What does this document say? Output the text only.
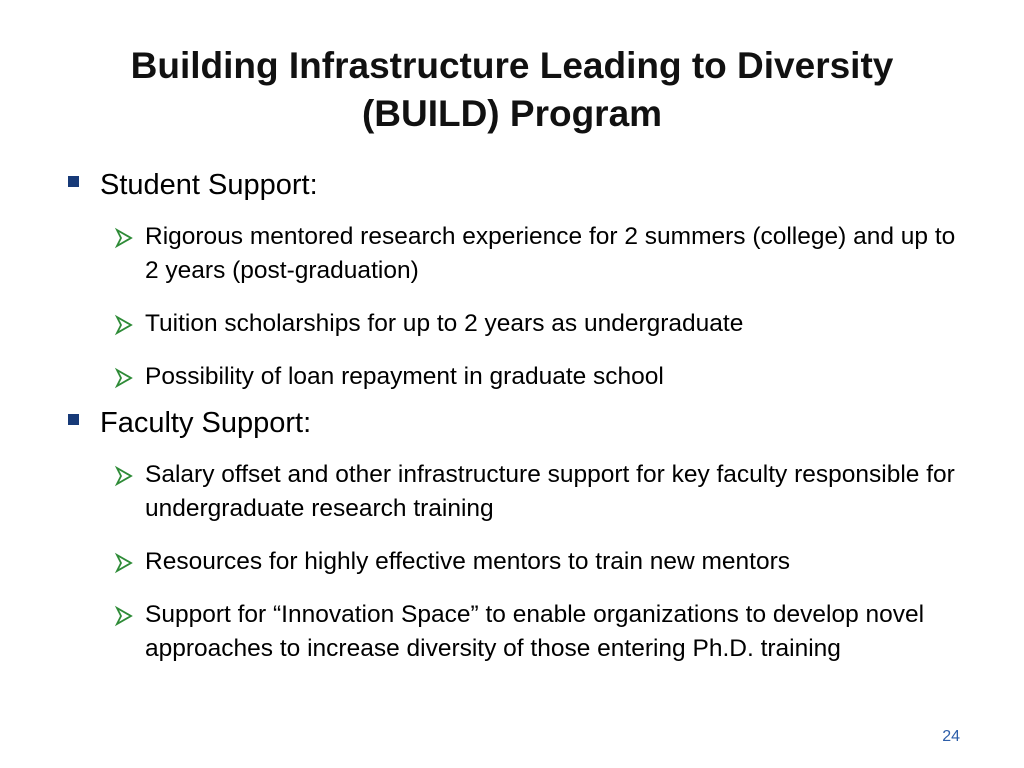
Building Infrastructure Leading to Diversity
(BUILD) Program
Student Support:
Rigorous mentored research experience for 2 summers (college) and up to 2 years (post-graduation)
Tuition scholarships for up to 2 years as undergraduate
Possibility of loan repayment in graduate school
Faculty Support:
Salary offset and other infrastructure support for key faculty responsible for undergraduate research training
Resources for highly effective mentors to train new mentors
Support for “Innovation Space” to enable organizations to develop novel approaches to increase diversity of those entering Ph.D. training
24
